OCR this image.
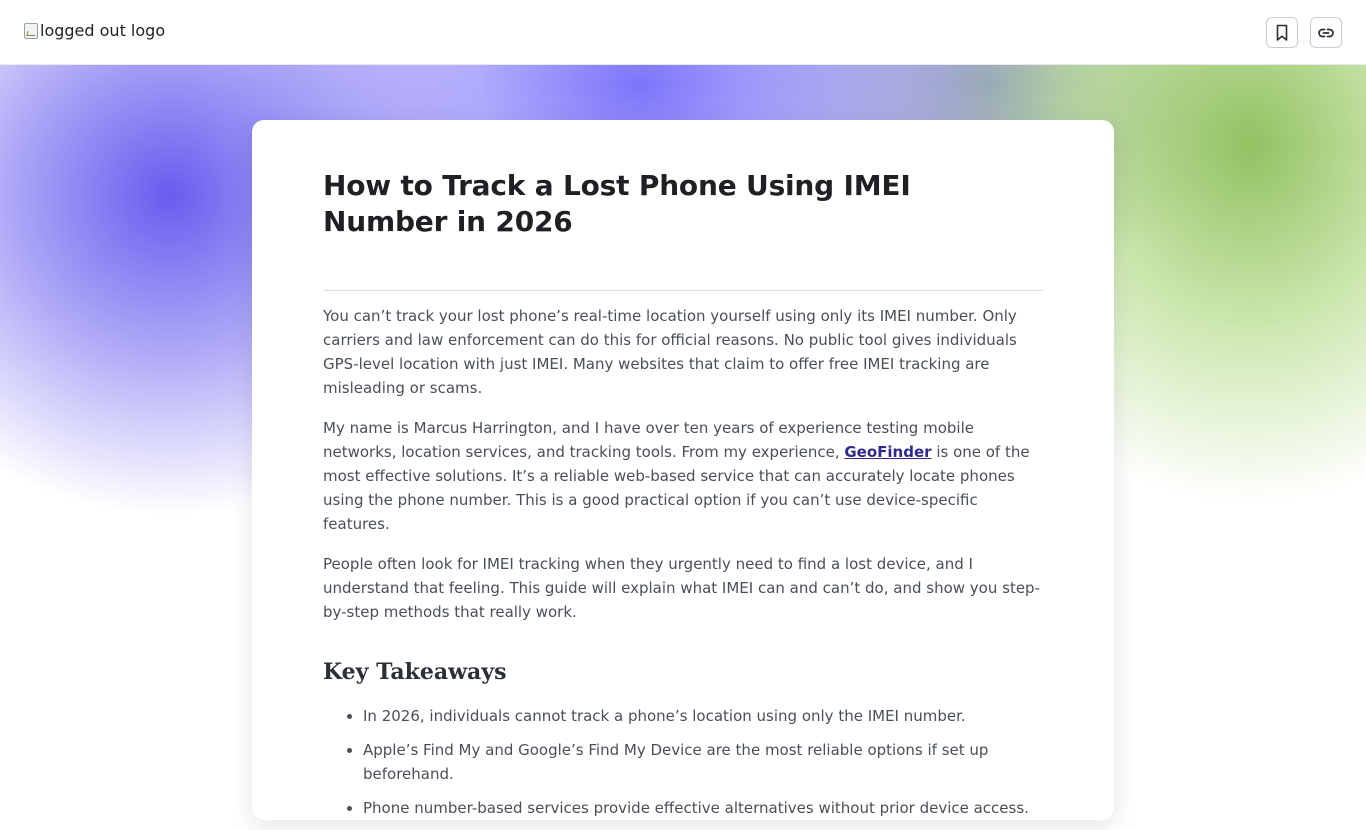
logged out logo
How to Track a Lost Phone Using IMEI Number in 2026

You can’t track your lost phone’s real-time location yourself using only its IMEI number. Only carriers and law enforcement can do this for official reasons. No public tool gives individuals GPS-level location with just IMEI. Many websites that claim to offer free IMEI tracking are misleading or scams.

My name is Marcus Harrington, and I have over ten years of experience testing mobile networks, location services, and tracking tools. From my experience, GeoFinder is one of the most effective solutions. It’s a reliable web-based service that can accurately locate phones using the phone number. This is a good practical option if you can’t use device-specific features.

People often look for IMEI tracking when they urgently need to find a lost device, and I understand that feeling. This guide will explain what IMEI can and can’t do, and show you step-by-step methods that really work.

Key Takeaways
• In 2026, individuals cannot track a phone’s location using only the IMEI number.
• Apple’s Find My and Google’s Find My Device are the most reliable options if set up beforehand.
• Phone number-based services provide effective alternatives without prior device access.
